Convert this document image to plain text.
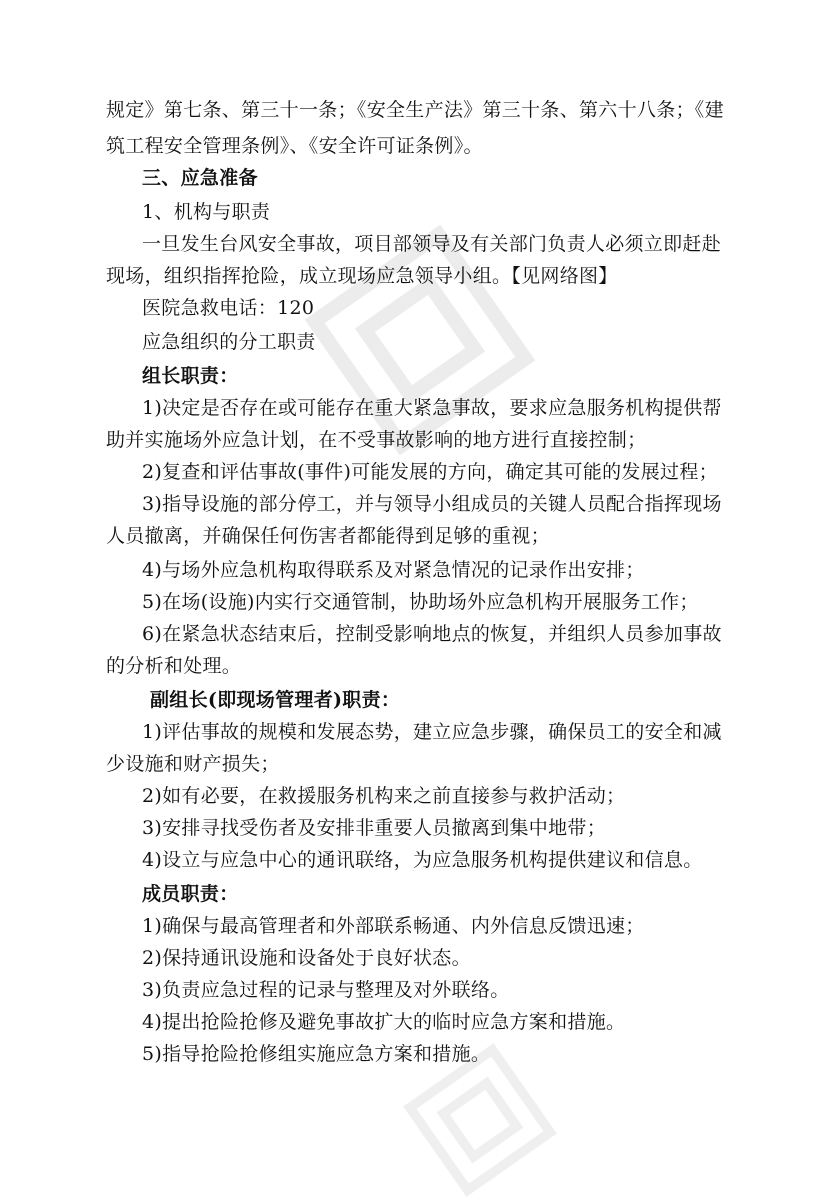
规定》第七条、第三十一条；《安全生产法》第三十条、第六十八条；《建
筑工程安全管理条例》、《安全许可证条例》。
三、应急准备
1、机构与职责
一旦发生台风安全事故，项目部领导及有关部门负责人必须立即赶赴
现场，组织指挥抢险，成立现场应急领导小组。【见网络图】
医院急救电话：120
应急组织的分工职责
组长职责：
1)决定是否存在或可能存在重大紧急事故，要求应急服务机构提供帮
助并实施场外应急计划，在不受事故影响的地方进行直接控制；
2)复查和评估事故(事件)可能发展的方向，确定其可能的发展过程；
3)指导设施的部分停工，并与领导小组成员的关键人员配合指挥现场
人员撤离，并确保任何伤害者都能得到足够的重视；
4)与场外应急机构取得联系及对紧急情况的记录作出安排；
5)在场(设施)内实行交通管制，协助场外应急机构开展服务工作；
6)在紧急状态结束后，控制受影响地点的恢复，并组织人员参加事故
的分析和处理。
副组长(即现场管理者)职责：
1)评估事故的规模和发展态势，建立应急步骤，确保员工的安全和减
少设施和财产损失；
2)如有必要，在救援服务机构来之前直接参与救护活动；
3)安排寻找受伤者及安排非重要人员撤离到集中地带；
4)设立与应急中心的通讯联络，为应急服务机构提供建议和信息。
成员职责：
1)确保与最高管理者和外部联系畅通、内外信息反馈迅速；
2)保持通讯设施和设备处于良好状态。
3)负责应急过程的记录与整理及对外联络。
4)提出抢险抢修及避免事故扩大的临时应急方案和措施。
5)指导抢险抢修组实施应急方案和措施。
